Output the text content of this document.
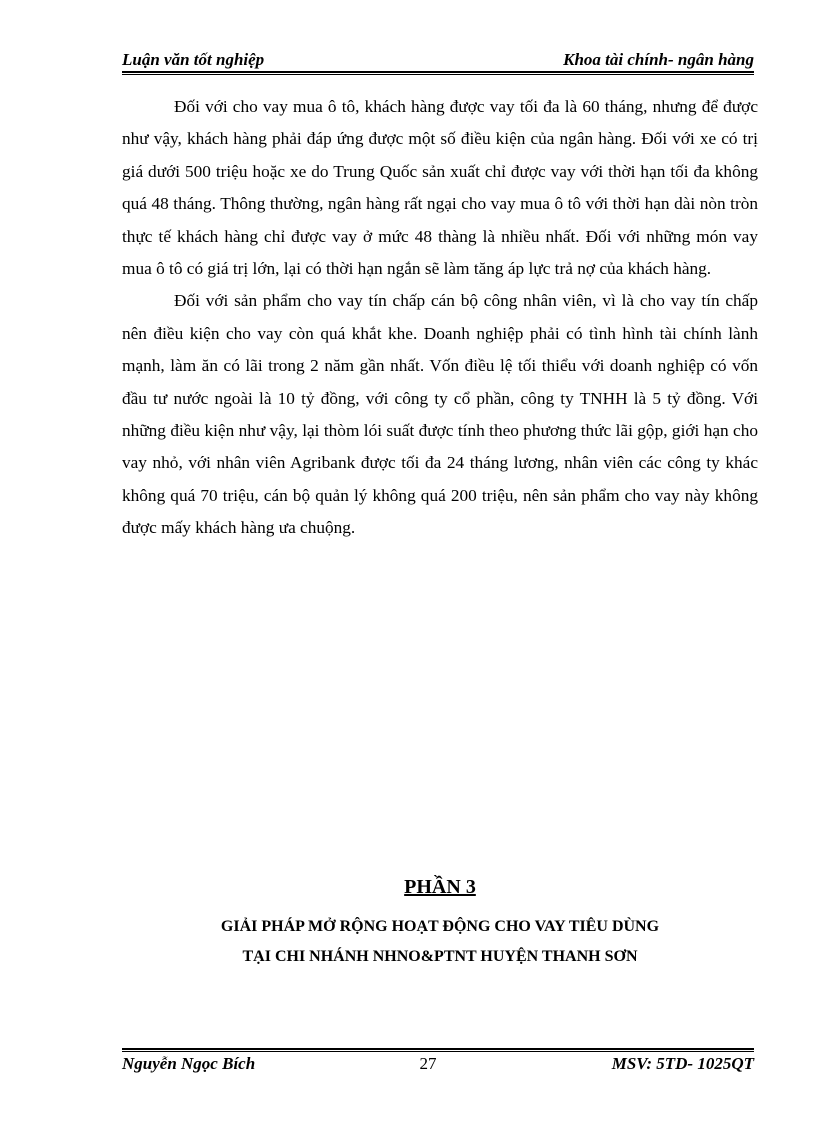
Luận văn tốt nghiệp	Khoa tài chính- ngân hàng

Đối với cho vay mua ô tô, khách hàng được vay tối đa là 60 tháng, nhưng để được như vậy, khách hàng phải đáp ứng được một số điều kiện của ngân hàng. Đối với xe có trị giá dưới 500 triệu hoặc xe do Trung Quốc sản xuất chỉ được vay với thời hạn tối đa không quá 48 tháng. Thông thường, ngân hàng rất ngại cho vay mua ô tô với thời hạn dài nòn tròn thực tế khách hàng chỉ được vay ở mức 48 thàng là nhiều nhất. Đối với những món vay mua ô tô có giá trị lớn, lại có thời hạn ngắn sẽ làm tăng áp lực trả nợ của khách hàng.

Đối với sản phẩm cho vay tín chấp cán bộ công nhân viên, vì là cho vay tín chấp nên điều kiện cho vay còn quá khắt khe. Doanh nghiệp phải có tình hình tài chính lành mạnh, làm ăn có lãi trong 2 năm gần nhất. Vốn điều lệ tối thiểu với doanh nghiệp có vốn đầu tư nước ngoài là 10 tỷ đồng, với công ty cổ phần, công ty TNHH là 5 tỷ đồng. Với những điều kiện như vậy, lại thòm lói suất được tính theo phương thức lãi gộp, giới hạn cho vay nhỏ, với nhân viên Agribank được tối đa 24 tháng lương, nhân viên các công ty khác không quá 70 triệu, cán bộ quản lý không quá 200 triệu, nên sản phẩm cho vay này không được mấy khách hàng ưa chuộng.

PHẦN 3
GIẢI PHÁP MỞ RỘNG HOẠT ĐỘNG CHO VAY TIÊU DÙNG
TẠI CHI NHÁNH NHNO&PTNT HUYỆN THANH SƠN
Nguyễn Ngọc Bích	27	MSV: 5TD- 1025QT
